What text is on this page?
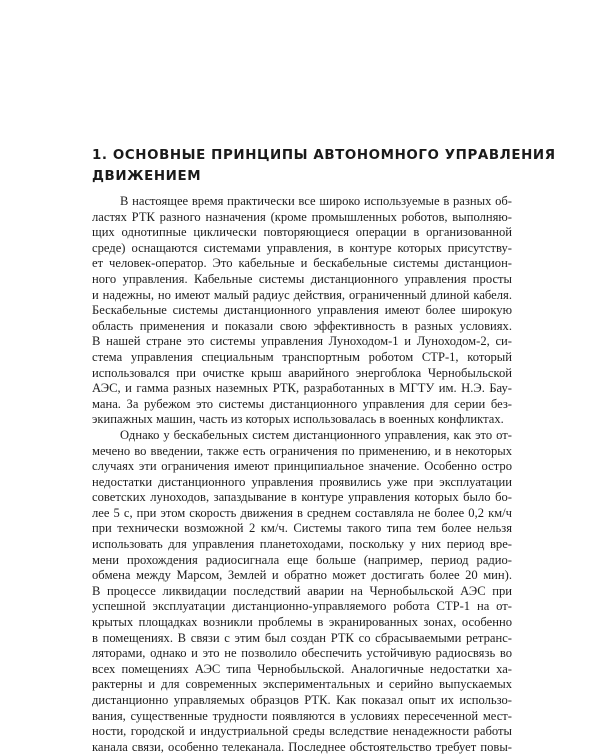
1. ОСНОВНЫЕ ПРИНЦИПЫ АВТОНОМНОГО УПРАВЛЕНИЯ
ДВИЖЕНИЕМ
В настоящее время практически все широко используемые в разных об-
ластях РТК разного назначения (кроме промышленных роботов, выполняю-
щих однотипные циклически повторяющиеся операции в организованной
среде) оснащаются системами управления, в контуре которых присутству-
ет человек-оператор. Это кабельные и бескабельные системы дистанцион-
ного управления. Кабельные системы дистанционного управления просты
и надежны, но имеют малый радиус действия, ограниченный длиной кабеля.
Бескабельные системы дистанционного управления имеют более широкую
область применения и показали свою эффективность в разных условиях.
В нашей стране это системы управления Луноходом-1 и Луноходом-2, си-
стема управления специальным транспортным роботом СТР-1, который
использовался при очистке крыш аварийного энергоблока Чернобыльской
АЭС, и гамма разных наземных РТК, разработанных в МГТУ им. Н.Э. Бау-
мана. За рубежом это системы дистанционного управления для серии без-
экипажных машин, часть из которых использовалась в военных конфликтах.
Однако у бескабельных систем дистанционного управления, как это от-
мечено во введении, также есть ограничения по применению, и в некоторых
случаях эти ограничения имеют принципиальное значение. Особенно остро
недостатки дистанционного управления проявились уже при эксплуатации
советских луноходов, запаздывание в контуре управления которых было бо-
лее 5 с, при этом скорость движения в среднем составляла не более 0,2 км/ч
при технически возможной 2 км/ч. Системы такого типа тем более нельзя
использовать для управления планетоходами, поскольку у них период вре-
мени прохождения радиосигнала еще больше (например, период радио-
обмена между Марсом, Землей и обратно может достигать более 20 мин).
В процессе ликвидации последствий аварии на Чернобыльской АЭС при
успешной эксплуатации дистанционно-управляемого робота СТР-1 на от-
крытых площадках возникли проблемы в экранированных зонах, особенно
в помещениях. В связи с этим был создан РТК со сбрасываемыми ретранс-
ляторами, однако и это не позволило обеспечить устойчивую радиосвязь во
всех помещениях АЭС типа Чернобыльской. Аналогичные недостатки ха-
рактерны и для современных экспериментальных и серийно выпускаемых
дистанционно управляемых образцов РТК. Как показал опыт их использо-
вания, существенные трудности появляются в условиях пересеченной мест-
ности, городской и индустриальной среды вследствие ненадежности работы
канала связи, особенно телеканала. Последнее обстоятельство требует повы-
